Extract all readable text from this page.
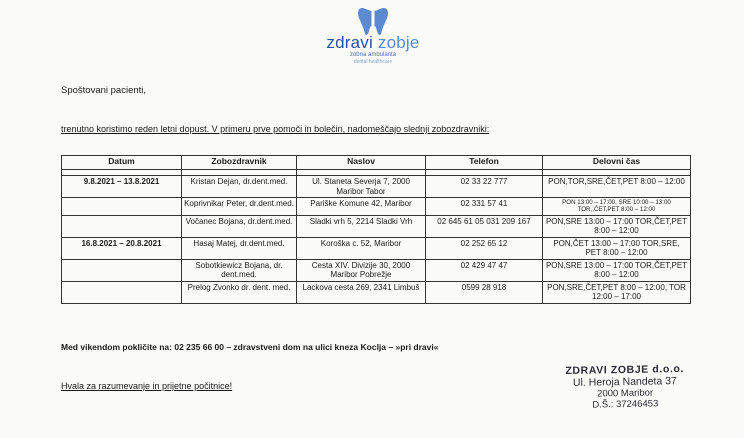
zdravi zobje
zobna ambulanta
dental healthcare
Spoštovani pacienti,
trenutno koristimo reden letni dopust. V primeru prve pomoči in bolečin, nadomeščajo slednji zobozdravniki:
Datum	Zobozdravnik	Naslov	Telefon	Delovni čas

9.8.2021 – 13.8.2021	Kristan Dejan, dr.dent.med.	Ul. Staneta Severja 7, 2000 Maribor Tabor	02 33 22 777	PON,TOR,SRE,ČET,PET 8:00 – 12:00
	Koprivnikar Peter, dr.dent.med.	Pariške Komune 42, Maribor	02 331 57 41	PON 13:00 – 17:00, SRE 10:00 – 13:00 TOR,,ČET,PET 8:00 – 12:00
	Vočanec Bojana, dr.dent.med.	Sladki vrh 5, 2214 Sladki Vrh	02 645 61 05 031 209 167	PON,SRE 13:00 – 17:00 TOR,ČET,PET 8:00 – 12:00
16.8.2021 – 20.8.2021	Hasaj Matej, dr.dent.med.	Koroška c. 52, Maribor	02 252 65 12	PON,ČET 13:00 – 17:00 TOR,SRE, PET 8:00 – 12:00
	Sobotkiewicz Bojana, dr. dent.med.	Cesta XIV. Divizije 30, 2000 Maribor Pobrežje	02 429 47 47	PON,SRE 13:00 – 17:00 TOR,ČET,PET 8:00 – 12:00
	Prelog Zvonko dr. dent. med.	Lackova cesta 269, 2341 Limbuš	0599 28 918	PON,SRE,ČET,PET 8:00 – 12:00, TOR 12:00 – 17:00
Med vikendom pokličite na: 02 235 66 00 – zdravstveni dom na ulici kneza Koclja – »pri dravi«
Hvala za razumevanje in prijetne počitnice!
ZDRAVI ZOBJE d.o.o.
Ul. Heroja Nandeta 37
2000 Maribor
D.Š.: 37246453
